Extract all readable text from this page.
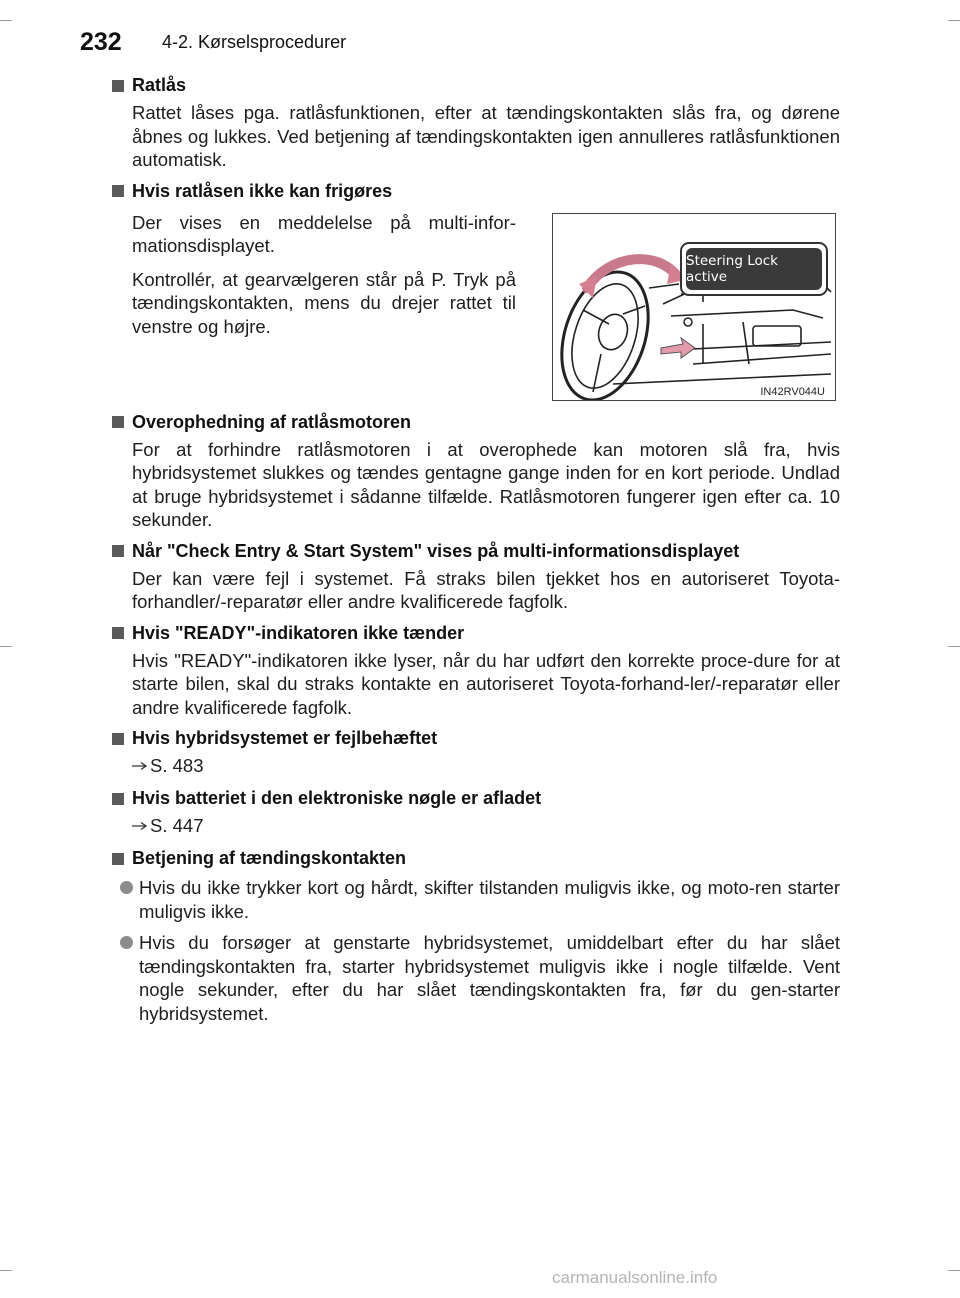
232	4-2. Kørselsprocedurer
Ratlås
Rattet låses pga. ratlåsfunktionen, efter at tændingskontakten slås fra, og dørene åbnes og lukkes. Ved betjening af tændingskontakten igen annulleres ratlåsfunktionen automatisk.
Hvis ratlåsen ikke kan frigøres

Der vises en meddelelse på multi-infor-mationsdisplayet.

Kontrollér, at gearvælgeren står på P. Tryk på tændingskontakten, mens du drejer rattet til venstre og højre.

Steering Lock active
IN42RV044U
Overophedning af ratlåsmotoren
For at forhindre ratlåsmotoren i at overophede kan motoren slå fra, hvis hybridsystemet slukkes og tændes gentagne gange inden for en kort periode. Undlad at bruge hybridsystemet i sådanne tilfælde. Ratlåsmotoren fungerer igen efter ca. 10 sekunder.
Når "Check Entry & Start System" vises på multi-informationsdisplayet
Der kan være fejl i systemet. Få straks bilen tjekket hos en autoriseret Toyota-forhandler/-reparatør eller andre kvalificerede fagfolk.
Hvis "READY"-indikatoren ikke tænder
Hvis "READY"-indikatoren ikke lyser, når du har udført den korrekte proce-dure for at starte bilen, skal du straks kontakte en autoriseret Toyota-forhand-ler/-reparatør eller andre kvalificerede fagfolk.
Hvis hybridsystemet er fejlbehæftet
S. 483
Hvis batteriet i den elektroniske nøgle er afladet
S. 447
Betjening af tændingskontakten
Hvis du ikke trykker kort og hårdt, skifter tilstanden muligvis ikke, og moto-ren starter muligvis ikke.
Hvis du forsøger at genstarte hybridsystemet, umiddelbart efter du har slået tændingskontakten fra, starter hybridsystemet muligvis ikke i nogle tilfælde. Vent nogle sekunder, efter du har slået tændingskontakten fra, før du gen-starter hybridsystemet.
carmanualsonline.info
